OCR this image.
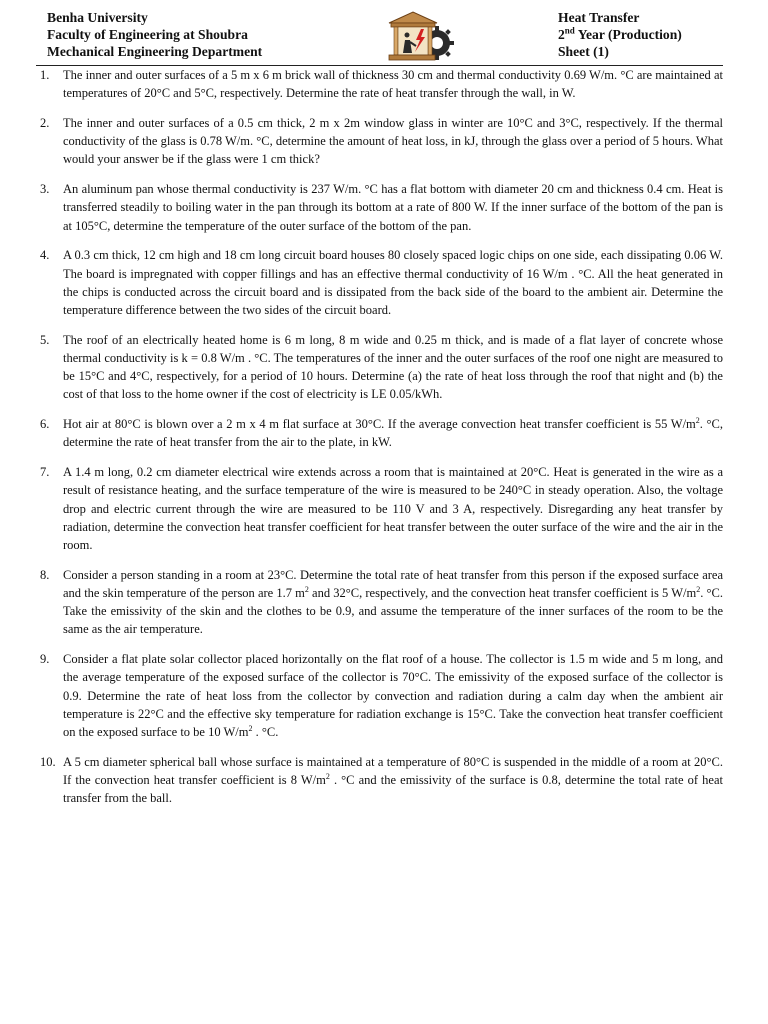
Benha University
Faculty of Engineering at Shoubra
Mechanical Engineering Department
Heat Transfer
2nd Year (Production)
Sheet (1)
1. The inner and outer surfaces of a 5 m x 6 m brick wall of thickness 30 cm and thermal conductivity 0.69 W/m. °C are maintained at temperatures of 20°C and 5°C, respectively. Determine the rate of heat transfer through the wall, in W.
2. The inner and outer surfaces of a 0.5 cm thick, 2 m x 2m window glass in winter are 10°C and 3°C, respectively. If the thermal conductivity of the glass is 0.78 W/m. °C, determine the amount of heat loss, in kJ, through the glass over a period of 5 hours. What would your answer be if the glass were 1 cm thick?
3. An aluminum pan whose thermal conductivity is 237 W/m. °C has a flat bottom with diameter 20 cm and thickness 0.4 cm. Heat is transferred steadily to boiling water in the pan through its bottom at a rate of 800 W. If the inner surface of the bottom of the pan is at 105°C, determine the temperature of the outer surface of the bottom of the pan.
4. A 0.3 cm thick, 12 cm high and 18 cm long circuit board houses 80 closely spaced logic chips on one side, each dissipating 0.06 W. The board is impregnated with copper fillings and has an effective thermal conductivity of 16 W/m . °C. All the heat generated in the chips is conducted across the circuit board and is dissipated from the back side of the board to the ambient air. Determine the temperature difference between the two sides of the circuit board.
5. The roof of an electrically heated home is 6 m long, 8 m wide and 0.25 m thick, and is made of a flat layer of concrete whose thermal conductivity is k = 0.8 W/m . °C. The temperatures of the inner and the outer surfaces of the roof one night are measured to be 15°C and 4°C, respectively, for a period of 10 hours. Determine (a) the rate of heat loss through the roof that night and (b) the cost of that loss to the home owner if the cost of electricity is LE 0.05/kWh.
6. Hot air at 80°C is blown over a 2 m x 4 m flat surface at 30°C. If the average convection heat transfer coefficient is 55 $W/m^2$. °C, determine the rate of heat transfer from the air to the plate, in kW.
7. A 1.4 m long, 0.2 cm diameter electrical wire extends across a room that is maintained at 20°C. Heat is generated in the wire as a result of resistance heating, and the surface temperature of the wire is measured to be 240°C in steady operation. Also, the voltage drop and electric current through the wire are measured to be 110 V and 3 A, respectively. Disregarding any heat transfer by radiation, determine the convection heat transfer coefficient for heat transfer between the outer surface of the wire and the air in the room.
8. Consider a person standing in a room at 23°C. Determine the total rate of heat transfer from this person if the exposed surface area and the skin temperature of the person are 1.7 $m^2$ and 32°C, respectively, and the convection heat transfer coefficient is 5 $W/m^2$. °C. Take the emissivity of the skin and the clothes to be 0.9, and assume the temperature of the inner surfaces of the room to be the same as the air temperature.
9. Consider a flat plate solar collector placed horizontally on the flat roof of a house. The collector is 1.5 m wide and 5 m long, and the average temperature of the exposed surface of the collector is 70°C. The emissivity of the exposed surface of the collector is 0.9. Determine the rate of heat loss from the collector by convection and radiation during a calm day when the ambient air temperature is 22°C and the effective sky temperature for radiation exchange is 15°C. Take the convection heat transfer coefficient on the exposed surface to be 10 $W/m^2$ . °C.
10. A 5 cm diameter spherical ball whose surface is maintained at a temperature of 80°C is suspended in the middle of a room at 20°C. If the convection heat transfer coefficient is 8 $W/m^2$ . °C and the emissivity of the surface is 0.8, determine the total rate of heat transfer from the ball.
